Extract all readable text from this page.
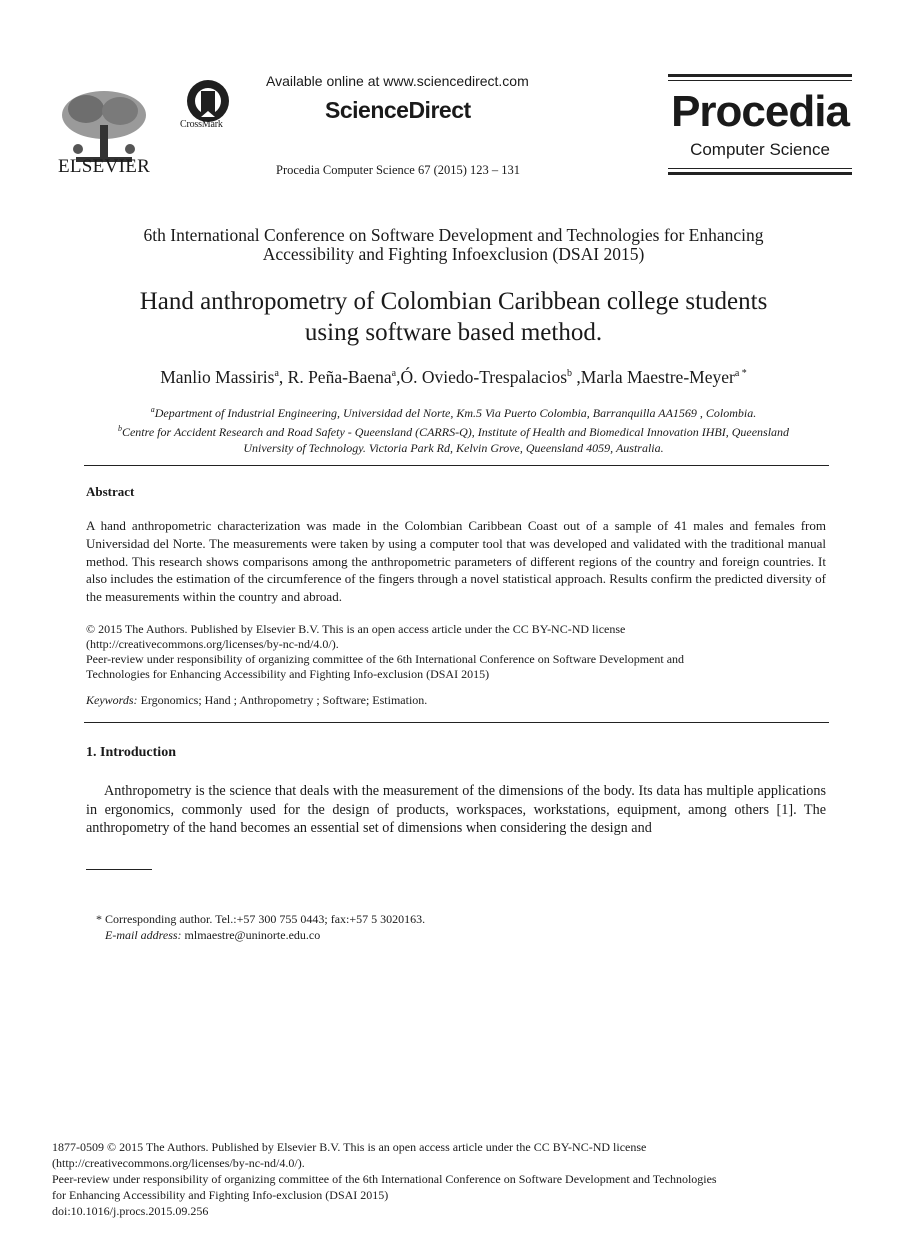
ELSEVIER
CrossMark
Available online at www.sciencedirect.com
ScienceDirect
Procedia Computer Science 67 (2015) 123 – 131
Procedia
Computer Science
6th International Conference on Software Development and Technologies for Enhancing
Accessibility and Fighting Infoexclusion (DSAI 2015)
Hand anthropometry of Colombian Caribbean college students
using software based method.
Manlio Massiris$^a$, R. Peña-Baena$^a$,Ó. Oviedo-Trespalacios$^b$ ,Marla Maestre-Meyer$^{a *}$
$^a$Department of Industrial Engineering, Universidad del Norte, Km.5 Via Puerto Colombia, Barranquilla AA1569 , Colombia.
$^b$Centre for Accident Research and Road Safety - Queensland (CARRS-Q), Institute of Health and Biomedical Innovation IHBI, Queensland
University of Technology. Victoria Park Rd, Kelvin Grove, Queensland 4059, Australia.
Abstract
A hand anthropometric characterization was made in the Colombian Caribbean Coast out of a sample of 41 males and females from Universidad del Norte. The measurements were taken by using a computer tool that was developed and validated with the traditional manual method. This research shows comparisons among the anthropometric parameters of different regions of the country and foreign countries. It also includes the estimation of the circumference of the fingers through a novel statistical approach. Results confirm the predicted diversity of the measurements within the country and abroad.
© 2015 The Authors. Published by Elsevier B.V. This is an open access article under the CC BY-NC-ND license
(http://creativecommons.org/licenses/by-nc-nd/4.0/).
Peer-review under responsibility of organizing committee of the 6th International Conference on Software Development and
Technologies for Enhancing Accessibility and Fighting Info-exclusion (DSAI 2015)
Keywords: Ergonomics; Hand ; Anthropometry ; Software; Estimation.
1. Introduction
Anthropometry is the science that deals with the measurement of the dimensions of the body. Its data has multiple applications in ergonomics, commonly used for the design of products, workspaces, workstations, equipment, among others [1]. The anthropometry of the hand becomes an essential set of dimensions when considering the design and
* Corresponding author. Tel.:+57 300 755 0443; fax:+57 5 3020163.
E-mail address: mlmaestre@uninorte.edu.co
1877-0509 © 2015 The Authors. Published by Elsevier B.V. This is an open access article under the CC BY-NC-ND license
(http://creativecommons.org/licenses/by-nc-nd/4.0/).
Peer-review under responsibility of organizing committee of the 6th International Conference on Software Development and Technologies
for Enhancing Accessibility and Fighting Info-exclusion (DSAI 2015)
doi:10.1016/j.procs.2015.09.256
